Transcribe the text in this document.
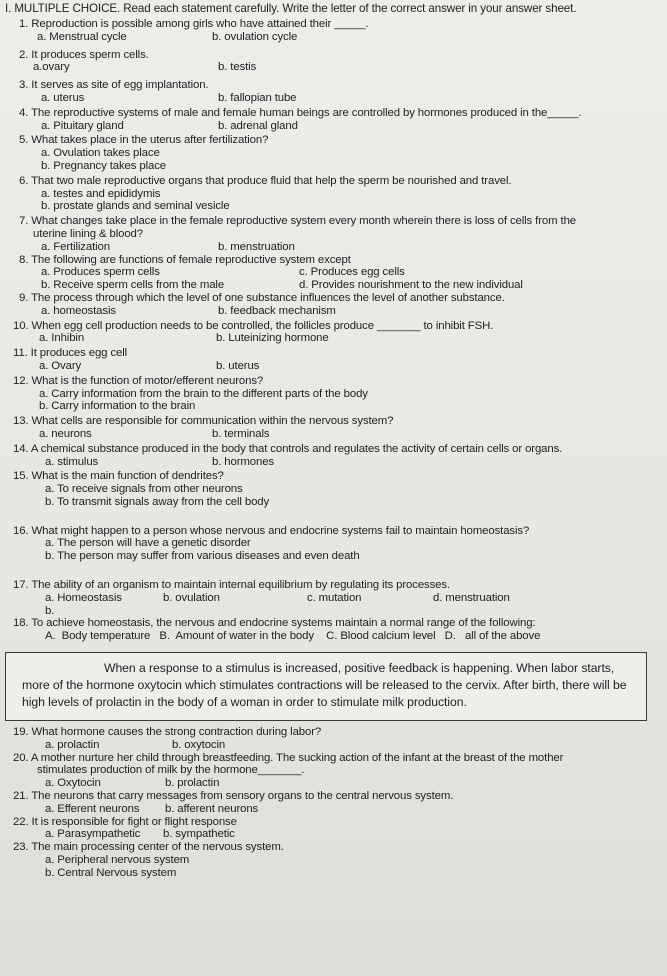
I. MULTIPLE CHOICE. Read each statement carefully. Write the letter of the correct answer in your answer sheet.
1. Reproduction is possible among girls who have attained their _____.
a. Menstrual cycle	b. ovulation cycle
2. It produces sperm cells.
a.ovary	b. testis
3. It serves as site of egg implantation.
a. uterus	b. fallopian tube
4. The reproductive systems of male and female human beings are controlled by hormones produced in the_____.
a. Pituitary gland	b. adrenal gland
5. What takes place in the uterus after fertilization?
a. Ovulation takes place
b. Pregnancy takes place
6. That two male reproductive organs that produce fluid that help the sperm be nourished and travel.
a. testes and epididymis
b. prostate glands and seminal vesicle
7. What changes take place in the female reproductive system every month wherein there is loss of cells from the
uterine lining & blood?
a. Fertilization	b. menstruation
8. The following are functions of female reproductive system except
a. Produces sperm cells	c. Produces egg cells
b. Receive sperm cells from the male	d. Provides nourishment to the new individual
9. The process through which the level of one substance influences the level of another substance.
a. homeostasis	b. feedback mechanism
10. When egg cell production needs to be controlled, the follicles produce _______ to inhibit FSH.
a. Inhibin	b. Luteinizing hormone
11. It produces egg cell
a. Ovary	b. uterus
12. What is the function of motor/efferent neurons?
a. Carry information from the brain to the different parts of the body
b. Carry information to the brain
13. What cells are responsible for communication within the nervous system?
a. neurons	b. terminals
14. A chemical substance produced in the body that controls and regulates the activity of certain cells or organs.
a. stimulus	b. hormones
15. What is the main function of dendrites?
a. To receive signals from other neurons
b. To transmit signals away from the cell body
16. What might happen to a person whose nervous and endocrine systems fail to maintain homeostasis?
a. The person will have a genetic disorder
b. The person may suffer from various diseases and even death
17. The ability of an organism to maintain internal equilibrium by regulating its processes.
a. Homeostasis	b. ovulation	c. mutation	d. menstruation
b.
18. To achieve homeostasis, the nervous and endocrine systems maintain a normal range of the following:
A.  Body temperature   B.  Amount of water in the body    C. Blood calcium level   D.   all of the above
When a response to a stimulus is increased, positive feedback is happening. When labor starts, more of the hormone oxytocin which stimulates contractions will be released to the cervix. After birth, there will be high levels of prolactin in the body of a woman in order to stimulate milk production.
19. What hormone causes the strong contraction during labor?
a. prolactin	b. oxytocin
20. A mother nurture her child through breastfeeding. The sucking action of the infant at the breast of the mother
stimulates production of milk by the hormone_______.
a. Oxytocin	b. prolactin
21. The neurons that carry messages from sensory organs to the central nervous system.
a. Efferent neurons	b. afferent neurons
22. It is responsible for fight or flight response
a. Parasympathetic	b. sympathetic
23. The main processing center of the nervous system.
a. Peripheral nervous system
b. Central Nervous system
